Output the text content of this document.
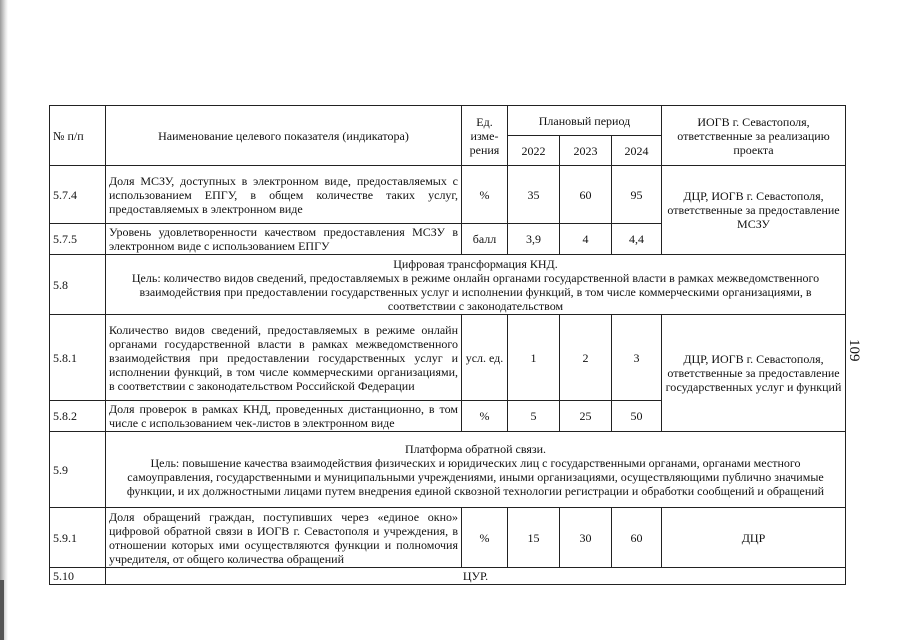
№ п/п	Наименование целевого показателя (индикатора)	Ед. изме-рения	Плановый период			ИОГВ г. Севастополя, ответственные за реализацию проекта
			2022	2023	2024	
5.7.4	Доля МСЗУ, доступных в электронном виде, предоставляемых с использованием ЕПГУ, в общем количестве таких услуг, предоставляемых в электронном виде	%	35	60	95	ДЦР, ИОГВ г. Севастополя, ответственные за предоставление МСЗУ
5.7.5	Уровень удовлетворенности качеством предоставления МСЗУ в электронном виде с использованием ЕПГУ	балл	3,9	4	4,4	
5.8	Цифровая трансформация КНД.
Цель: количество видов сведений, предоставляемых в режиме онлайн органами государственной власти в рамках межведомственного взаимодействия при предоставлении государственных услуг и исполнении функций, в том числе коммерческими организациями, в соответствии с законодательством					

5.8.1	Количество видов сведений, предоставляемых в режиме онлайн органами государственной власти в рамках межведомственного взаимодействия при предоставлении государственных услуг и исполнении функций, в том числе коммерческими организациями, в соответствии с законодательством Российской Федерации	усл. ед.	1	2	3	ДЦР, ИОГВ г. Севастополя, ответственные за предоставление государственных услуг и функций
5.8.2	Доля проверок в рамках КНД, проведенных дистанционно, в том числе с использованием чек-листов в электронном виде	%	5	25	50	
5.9	Платформа обратной связи.
Цель: повышение качества взаимодействия физических и юридических лиц с государственными органами, органами местного самоуправления, государственными и муниципальными учреждениями, иными организациями, осуществляющими публично значимые функции, и их должностными лицами путем внедрения единой сквозной технологии регистрации и обработки сообщений и обращений					

5.9.1	Доля обращений граждан, поступивших через «единое окно» цифровой обратной связи в ИОГВ г. Севастополя и учреждения, в отношении которых ими осуществляются функции и полномочия учредителя, от общего количества обращений	%	15	30	60	ДЦР
5.10	ЦУР.					
109
